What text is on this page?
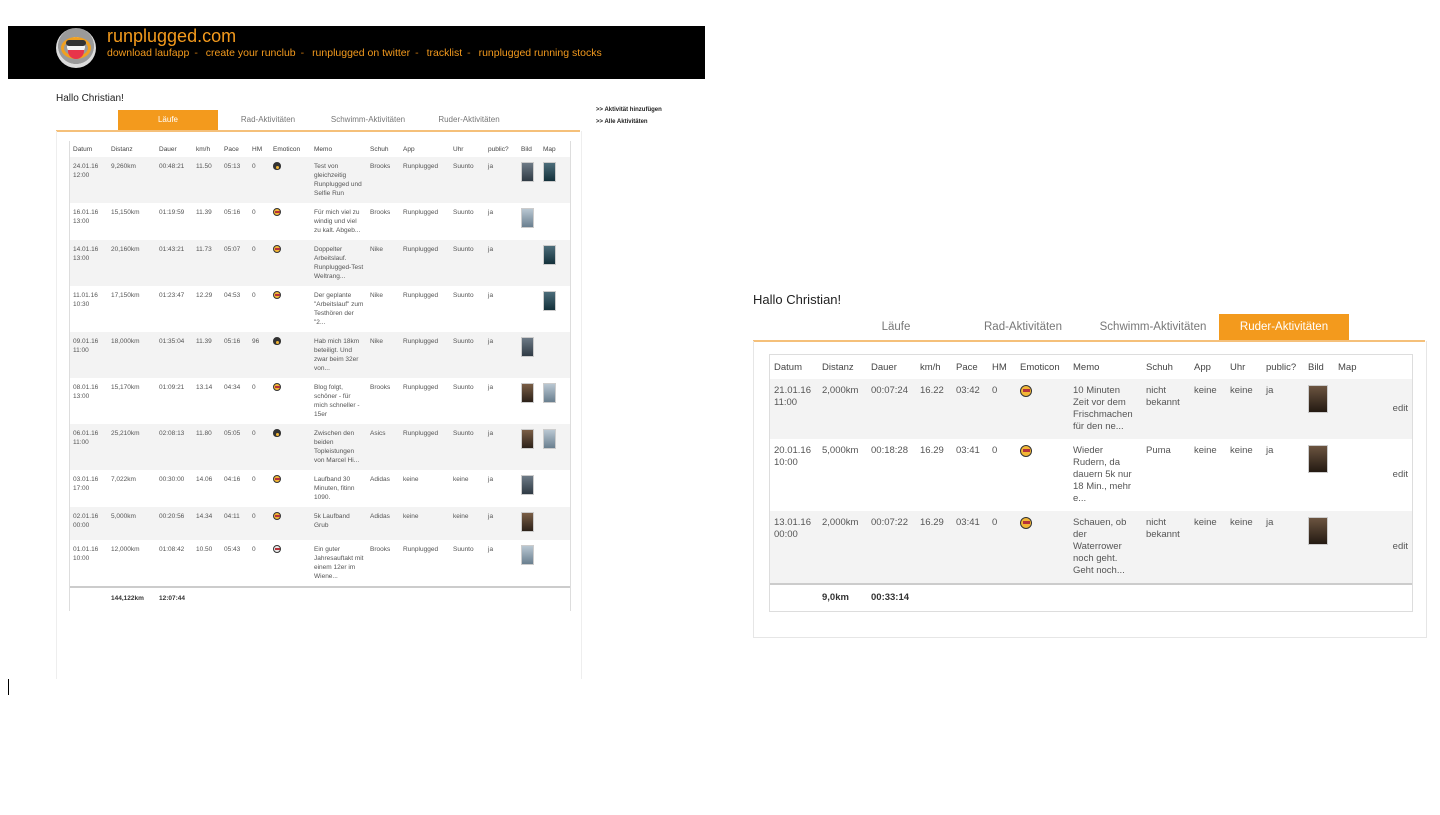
runplugged.com
download laufapp - create your runclub - runplugged on twitter - tracklist - runplugged running stocks
Hallo Christian!
Läufe	Rad-Aktivitäten	Schwimm-Aktivitäten	Ruder-Aktivitäten
>> Aktivität hinzufügen
>> Alle Aktivitäten
Datum	Distanz	Dauer	km/h	Pace	HM	Emoticon	Memo	Schuh	App	Uhr	public?	Bild	Map
24.01.16 12:00	9,260km	00:48:21	11.50	05:13	0		Test von gleichzeitig Runplugged und Selfie Run	Brooks	Runplugged	Suunto	ja		
16.01.16 13:00	15,150km	01:19:59	11.39	05:16	0		Für mich viel zu windig und viel zu kalt. Abgeb...	Brooks	Runplugged	Suunto	ja		
14.01.16 13:00	20,160km	01:43:21	11.73	05:07	0		Doppelter Arbeitslauf. Runplugged-Test Weltrang...	Nike	Runplugged	Suunto	ja		
11.01.16 10:30	17,150km	01:23:47	12.29	04:53	0		Der geplante "Arbeitslauf" zum Testhören der "2...	Nike	Runplugged	Suunto	ja		
09.01.16 11:00	18,000km	01:35:04	11.39	05:16	96		Hab mich 18km beteiligt. Und zwar beim 32er von...	Nike	Runplugged	Suunto	ja		
08.01.16 13:00	15,170km	01:09:21	13.14	04:34	0		Blog folgt, schöner - für mich schneller - 15er	Brooks	Runplugged	Suunto	ja		
06.01.16 11:00	25,210km	02:08:13	11.80	05:05	0		Zwischen den beiden Topleistungen von Marcel Hi...	Asics	Runplugged	Suunto	ja		
03.01.16 17:00	7,022km	00:30:00	14.06	04:16	0		Laufband 30 Minuten, fitinn 1090.	Adidas	keine	keine	ja		
02.01.16 00:00	5,000km	00:20:56	14.34	04:11	0		5k Laufband Grub	Adidas	keine	keine	ja		
01.01.16 10:00	12,000km	01:08:42	10.50	05:43	0		Ein guter Jahresauftakt mit einem 12er im Wiene...	Brooks	Runplugged	Suunto	ja		
	144,122km	12:07:44											
Hallo Christian!
Läufe	Rad-Aktivitäten	Schwimm-Aktivitäten	Ruder-Aktivitäten
Datum	Distanz	Dauer	km/h	Pace	HM	Emoticon	Memo	Schuh	App	Uhr	public?	Bild	Map
21.01.16 11:00	2,000km	00:07:24	16.22	03:42	0		10 Minuten Zeit vor dem Frischmachen für den ne...	nicht bekannt	keine	keine	ja		edit
20.01.16 10:00	5,000km	00:18:28	16.29	03:41	0		Wieder Rudern, da dauern 5k nur 18 Min., mehr e...	Puma	keine	keine	ja		edit
13.01.16 00:00	2,000km	00:07:22	16.29	03:41	0		Schauen, ob der Waterrower noch geht. Geht noch...	nicht bekannt	keine	keine	ja		edit
	9,0km	00:33:14											
